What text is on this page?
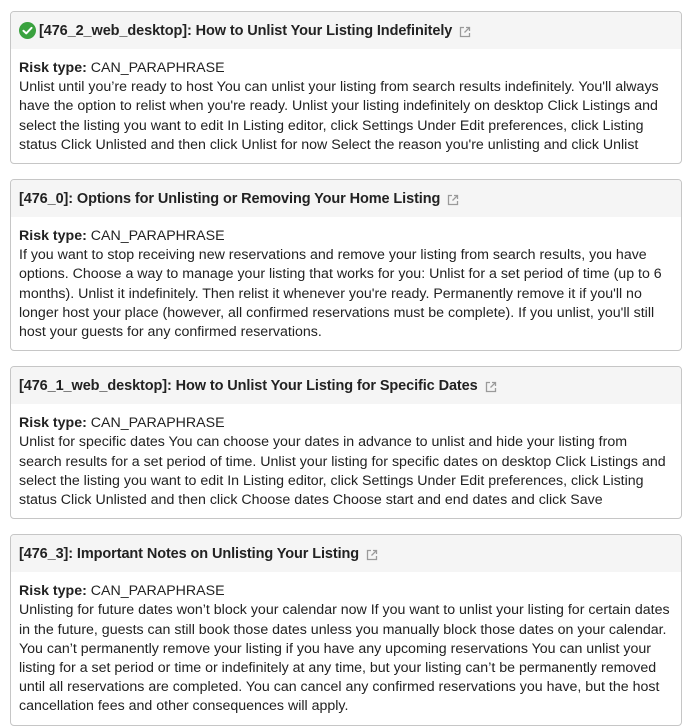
[476_2_web_desktop]: How to Unlist Your Listing Indefinitely
Risk type: CAN_PARAPHRASE
Unlist until you’re ready to host You can unlist your listing from search results indefinitely. You'll always have the option to relist when you're ready. Unlist your listing indefinitely on desktop Click Listings and select the listing you want to edit In Listing editor, click Settings Under Edit preferences, click Listing status Click Unlisted and then click Unlist for now Select the reason you're unlisting and click Unlist
[476_0]: Options for Unlisting or Removing Your Home Listing
Risk type: CAN_PARAPHRASE
If you want to stop receiving new reservations and remove your listing from search results, you have options. Choose a way to manage your listing that works for you: Unlist for a set period of time (up to 6 months). Unlist it indefinitely. Then relist it whenever you're ready. Permanently remove it if you'll no longer host your place (however, all confirmed reservations must be complete). If you unlist, you'll still host your guests for any confirmed reservations.
[476_1_web_desktop]: How to Unlist Your Listing for Specific Dates
Risk type: CAN_PARAPHRASE
Unlist for specific dates You can choose your dates in advance to unlist and hide your listing from search results for a set period of time. Unlist your listing for specific dates on desktop Click Listings and select the listing you want to edit In Listing editor, click Settings Under Edit preferences, click Listing status Click Unlisted and then click Choose dates Choose start and end dates and click Save
[476_3]: Important Notes on Unlisting Your Listing
Risk type: CAN_PARAPHRASE
Unlisting for future dates won’t block your calendar now If you want to unlist your listing for certain dates in the future, guests can still book those dates unless you manually block those dates on your calendar. You can’t permanently remove your listing if you have any upcoming reservations You can unlist your listing for a set period or time or indefinitely at any time, but your listing can’t be permanently removed until all reservations are completed. You can cancel any confirmed reservations you have, but the host cancellation fees and other consequences will apply.
